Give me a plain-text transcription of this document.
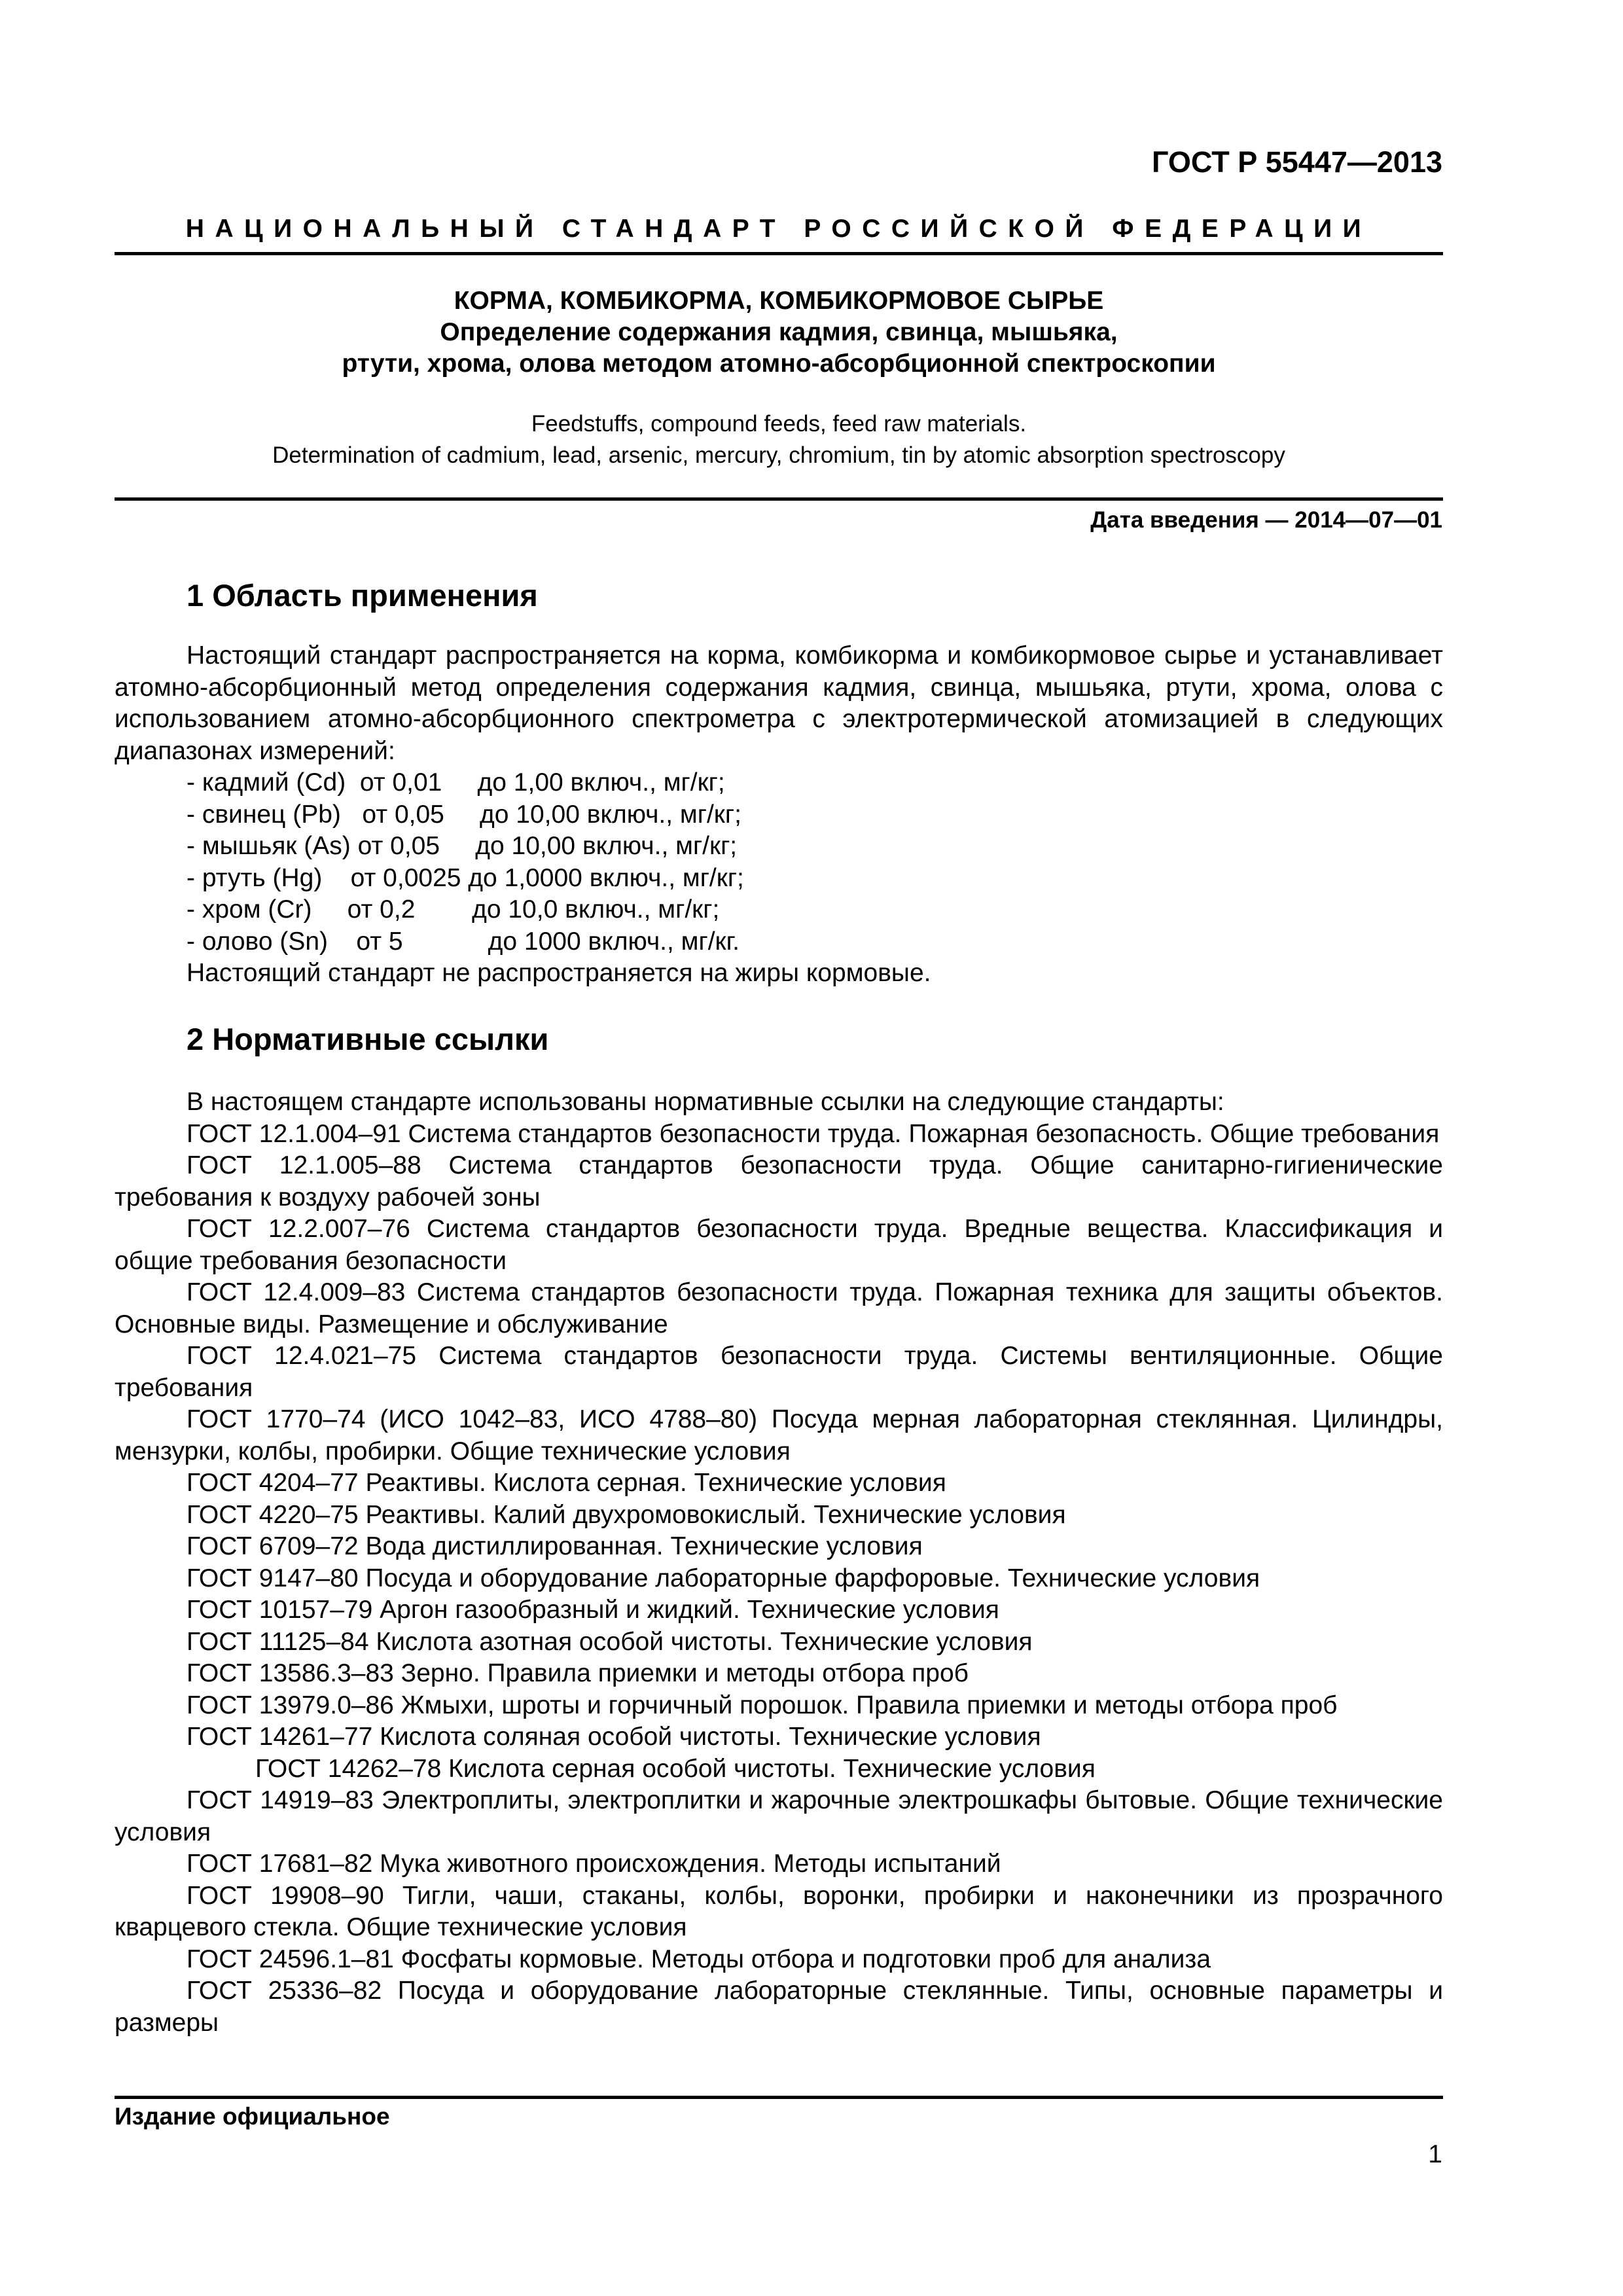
ГОСТ Р 55447—2013
НАЦИОНАЛЬНЫЙ СТАНДАРТ РОССИЙСКОЙ ФЕДЕРАЦИИ
КОРМА, КОМБИКОРМА, КОМБИКОРМОВОЕ СЫРЬЕ
Определение содержания кадмия, свинца, мышьяка,
ртути, хрома, олова методом атомно-абсорбционной спектроскопии
Feedstuffs, compound feeds, feed raw materials.
Determination of cadmium, lead, arsenic, mercury, chromium, tin by atomic absorption spectroscopy
Дата введения — 2014—07—01
1 Область применения

Настоящий стандарт распространяется на корма, комбикорма и комбикормовое сырье и устанавливает атомно-абсорбционный метод определения содержания кадмия, свинца, мышьяка, ртути, хрома, олова с использованием атомно-абсорбционного спектрометра с электротермической атомизацией в следующих диапазонах измерений:

- кадмий (Cd)  от 0,01     до 1,00 включ., мг/кг;

- свинец (Pb)   от 0,05     до 10,00 включ., мг/кг;

- мышьяк (As) от 0,05     до 10,00 включ., мг/кг;

- ртуть (Hg)    от 0,0025 до 1,0000 включ., мг/кг;

- хром (Cr)     от 0,2        до 10,0 включ., мг/кг;

- олово (Sn)    от 5            до 1000 включ., мг/кг.

Настоящий стандарт не распространяется на жиры кормовые.

2 Нормативные ссылки

В настоящем стандарте использованы нормативные ссылки на следующие стандарты:

ГОСТ 12.1.004–91 Система стандартов безопасности труда. Пожарная безопасность. Общие требования

ГОСТ 12.1.005–88 Система стандартов безопасности труда. Общие санитарно-гигиенические требования к воздуху рабочей зоны

ГОСТ 12.2.007–76 Система стандартов безопасности труда. Вредные вещества. Классификация и общие требования безопасности

ГОСТ 12.4.009–83 Система стандартов безопасности труда. Пожарная техника для защиты объектов. Основные виды. Размещение и обслуживание

ГОСТ 12.4.021–75 Система стандартов безопасности труда. Системы вентиляционные. Общие требования

ГОСТ 1770–74 (ИСО 1042–83, ИСО 4788–80) Посуда мерная лабораторная стеклянная. Цилиндры, мензурки, колбы, пробирки. Общие технические условия

ГОСТ 4204–77 Реактивы. Кислота серная. Технические условия

ГОСТ 4220–75 Реактивы. Калий двухромовокислый. Технические условия

ГОСТ 6709–72 Вода дистиллированная. Технические условия

ГОСТ 9147–80 Посуда и оборудование лабораторные фарфоровые. Технические условия

ГОСТ 10157–79 Аргон газообразный и жидкий. Технические условия

ГОСТ 11125–84 Кислота азотная особой чистоты. Технические условия

ГОСТ 13586.3–83 Зерно. Правила приемки и методы отбора проб

ГОСТ 13979.0–86 Жмыхи, шроты и горчичный порошок. Правила приемки и методы отбора проб

ГОСТ 14261–77 Кислота соляная особой чистоты. Технические условия

ГОСТ 14262–78 Кислота серная особой чистоты. Технические условия

ГОСТ 14919–83 Электроплиты, электроплитки и жарочные электрошкафы бытовые. Общие технические условия

ГОСТ 17681–82 Мука животного происхождения. Методы испытаний

ГОСТ 19908–90 Тигли, чаши, стаканы, колбы, воронки, пробирки и наконечники из прозрачного кварцевого стекла. Общие технические условия

ГОСТ 24596.1–81 Фосфаты кормовые. Методы отбора и подготовки проб для анализа

ГОСТ 25336–82 Посуда и оборудование лабораторные стеклянные. Типы, основные параметры и размеры

Издание официальное
1
